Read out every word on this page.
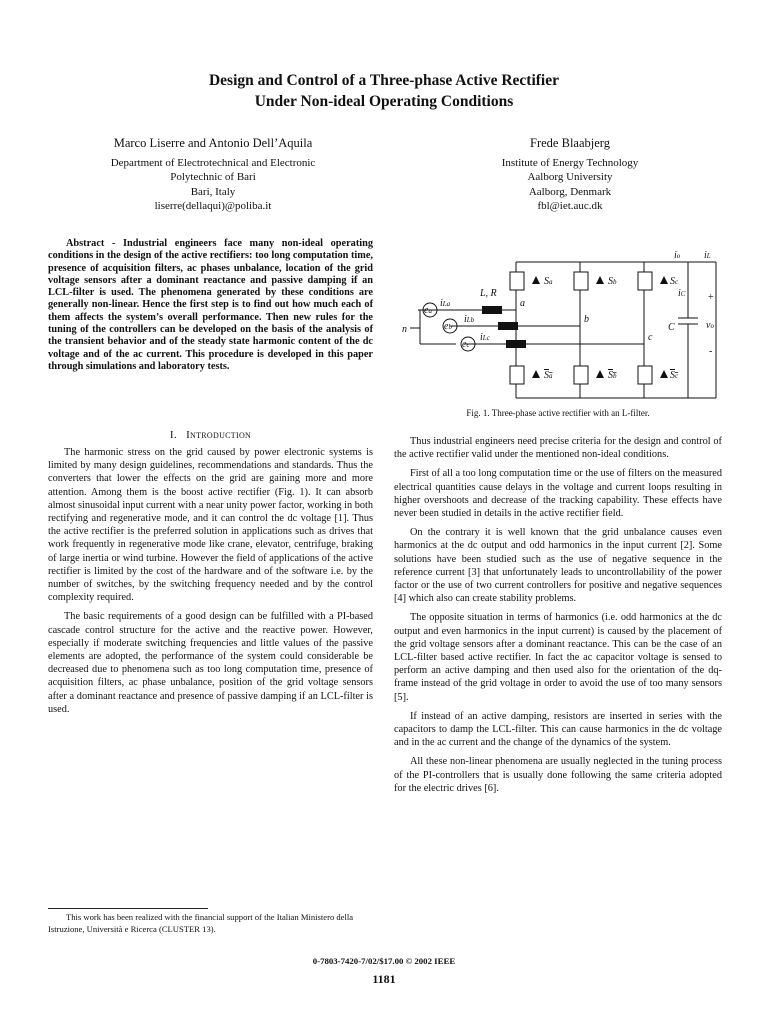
Design and Control of a Three-phase Active Rectifier
Under Non-ideal Operating Conditions
Marco Liserre and Antonio Dell’Aquila
Department of Electrotechnical and Electronic
Polytechnic of Bari
Bari, Italy
liserre(dellaqui)@poliba.it
Frede Blaabjerg
Institute of Energy Technology
Aalborg University
Aalborg, Denmark
fbl@iet.auc.dk
Abstract - Industrial engineers face many non-ideal operating conditions in the design of the active rectifiers: too long computation time, presence of acquisition filters, ac phases unbalance, location of the grid voltage sensors after a dominant reactance and passive damping if an LCL-filter is used. The phenomena generated by these conditions are generally non-linear. Hence the first step is to find out how much each of them affects the system’s overall performance. Then new rules for the tuning of the controllers can be developed on the basis of the analysis of the transient behavior and of the steady state harmonic content of the dc voltage and of the ac current. This procedure is developed in this paper through simulations and laboratory tests.
I. Introduction

The harmonic stress on the grid caused by power electronic systems is limited by many design guidelines, recommendations and standards. Thus the converters that lower the effects on the grid are gaining more and more attention. Among them is the boost active rectifier (Fig. 1). It can absorb almost sinusoidal input current with a near unity power factor, working in both rectifying and regenerative mode, and it can control the dc voltage [1]. Thus the active rectifier is the preferred solution in applications such as drives that work frequently in regenerative mode like crane, elevator, centrifuge, braking of large inertia or wind turbine. However the field of applications of the active rectifier is limited by the cost of the hardware and of the software i.e. by the number of switches, by the switching frequency needed and by the control complexity required.

The basic requirements of a good design can be fulfilled with a PI-based cascade control structure for the active and the reactive power. However, especially if moderate switching frequencies and little values of the passive elements are adopted, the performance of the system could considerable be decreased due to phenomena such as too long computation time, presence of acquisition filters, ac phase unbalance, position of the grid voltage sensors after a dominant reactance and presence of passive damping if an LCL-filter is used.

Thus industrial engineers need precise criteria for the design and control of the active rectifier valid under the mentioned non-ideal conditions.

First of all a too long computation time or the use of filters on the measured electrical quantities cause delays in the voltage and current loops resulting in higher overshoots and decrease of the tracking capability. These effects have never been studied in details in the active rectifier field.

On the contrary it is well known that the grid unbalance causes even harmonics at the dc output and odd harmonics in the input current [2]. Some solutions have been studied such as the use of negative sequence in the reference current [3] that unfortunately leads to uncontrollability of the power factor or the use of two current controllers for positive and negative sequences [4] which also can create stability problems.

The opposite situation in terms of harmonics (i.e. odd harmonics at the dc output and even harmonics in the input current) is caused by the placement of the grid voltage sensors after a dominant reactance. This can be the case of an LCL-filter based active rectifier. In fact the ac capacitor voltage is sensed to perform an active damping and then used also for the orientation of the dq-frame instead of the grid voltage in order to avoid the use of too many sensors [5].

If instead of an active damping, resistors are inserted in series with the capacitors to damp the LCL-filter. This can cause harmonics in the dc voltage and in the ac current and the change of the dynamics of the system.

All these non-linear phenomena are usually neglected in the tuning process of the PI-controllers that is usually done following the same criteria adopted for the electric drives [6].

ea
eb
ec
iLa
iLb
iLc
n
L, R
a
b
c
Sa	Sb	Sc
Sa	Sb	Sc
io iL
iC
C	vo
+
-
Fig. 1. Three-phase active rectifier with an L-filter.
This work has been realized with the financial support of the Italian Ministero della Istruzione, Università e Ricerca (CLUSTER 13).
0-7803-7420-7/02/$17.00 © 2002 IEEE
1181
